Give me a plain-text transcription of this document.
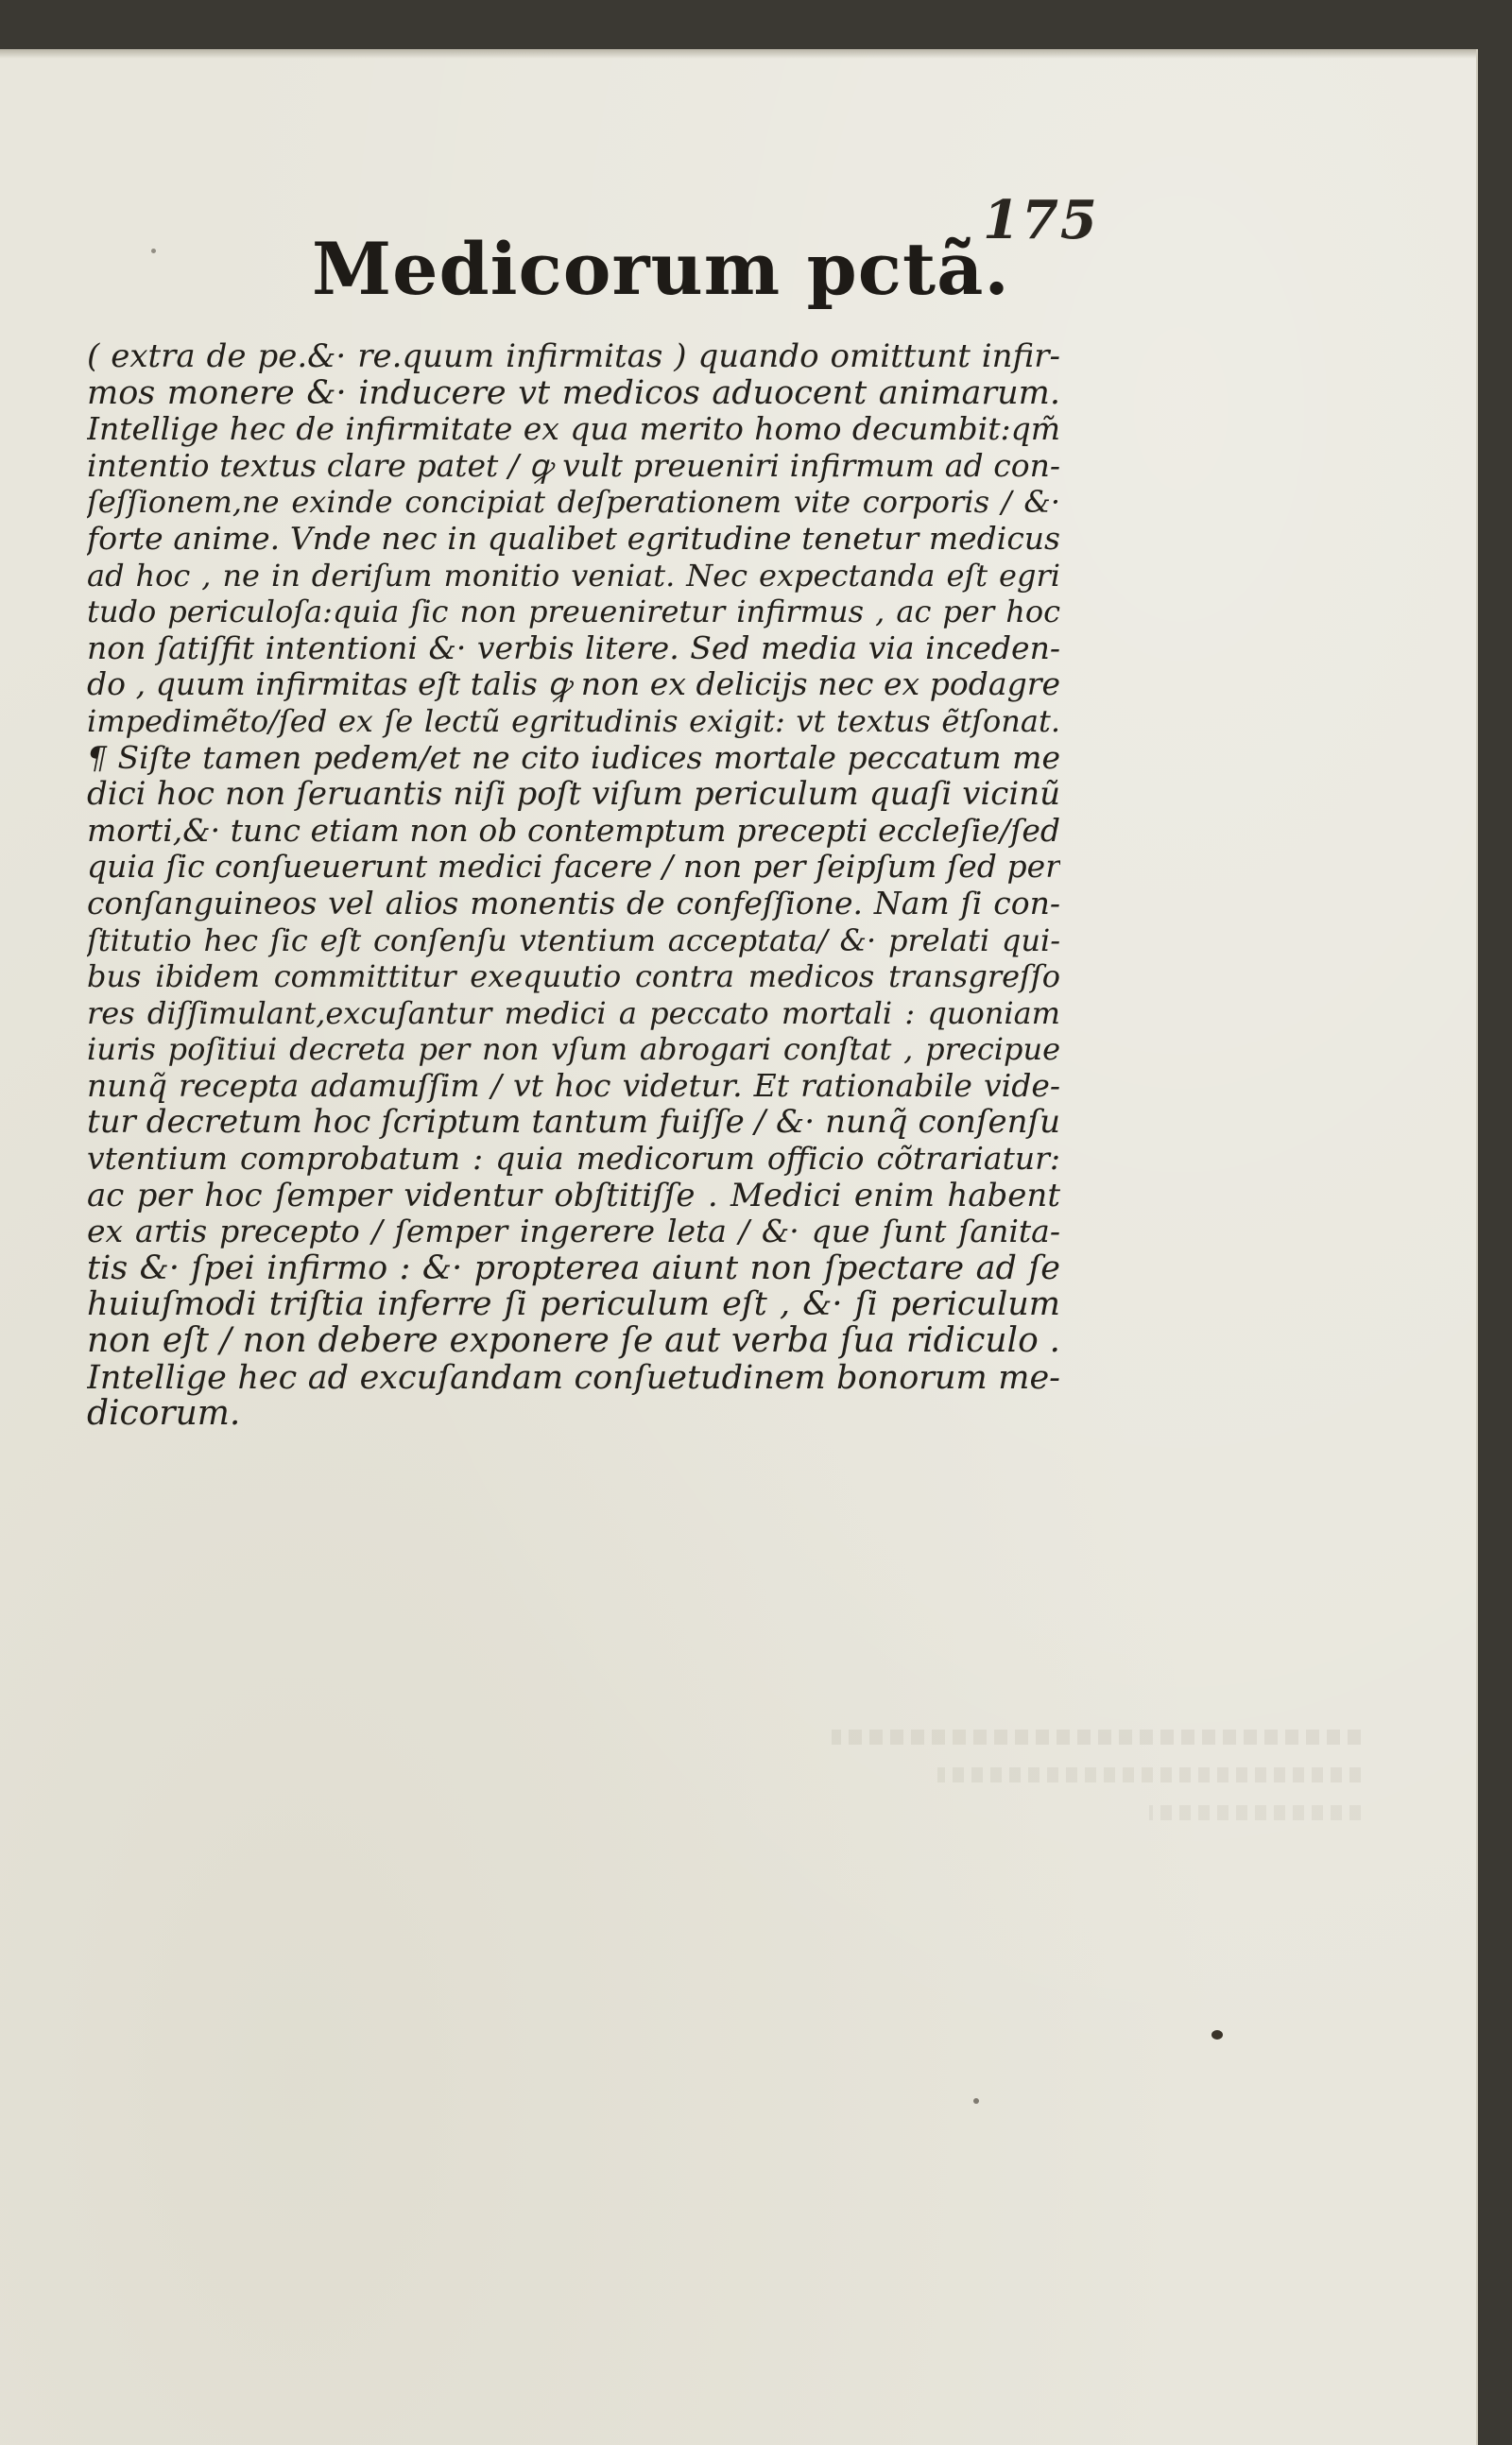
175
Medicorum pctã.
( extra de pe.&· re.quum infirmitas ) quando omittunt infir-
mos monere &· inducere vt medicos aduocent animarum.
Intellige hec de infirmitate ex qua merito homo decumbit:qm̃
intentio textus clare patet / ꝙ vult preueniri infirmum ad con-
ſeſſionem,ne exinde concipiat deſperationem vite corporis / &·
forte anime. Vnde nec in qualibet egritudine tenetur medicus
ad hoc , ne in deriſum monitio veniat. Nec expectanda eſt egri
tudo periculoſa:quia ſic non preueniretur infirmus , ac per hoc
non ſatiſfit intentioni &· verbis litere. Sed media via inceden-
do , quum infirmitas eſt talis ꝙ non ex delicijs nec ex podagre
impedimẽto/ſed ex ſe lectũ egritudinis exigit: vt textus ẽtſonat.
¶ Siſte tamen pedem/et ne cito iudices mortale peccatum me
dici hoc non ſeruantis niſi poſt viſum periculum quaſi vicinũ
morti,&· tunc etiam non ob contemptum precepti eccleſie/ſed
quia ſic conſueuerunt medici facere / non per ſeipſum ſed per
conſanguineos vel alios monentis de confeſſione. Nam ſi con-
ſtitutio hec ſic eſt conſenſu vtentium acceptata/ &· prelati qui-
bus ibidem committitur exequutio contra medicos transgreſſo
res diſſimulant,excuſantur medici a peccato mortali : quoniam
iuris poſitiui decreta per non vſum abrogari conſtat , precipue
nunq̃ recepta adamuſſim / vt hoc videtur. Et rationabile vide-
tur decretum hoc ſcriptum tantum fuiſſe / &· nunq̃ conſenſu
vtentium comprobatum : quia medicorum officio cõtrariatur:
ac per hoc ſemper videntur obſtitiſſe . Medici enim habent
ex artis precepto / ſemper ingerere leta / &· que ſunt ſanita-
tis &· ſpei infirmo : &· propterea aiunt non ſpectare ad ſe
huiuſmodi triſtia inferre ſi periculum eſt , &· ſi periculum
non eſt / non debere exponere ſe aut verba ſua ridiculo .
Intellige hec ad excuſandam conſuetudinem bonorum me-
dicorum.
